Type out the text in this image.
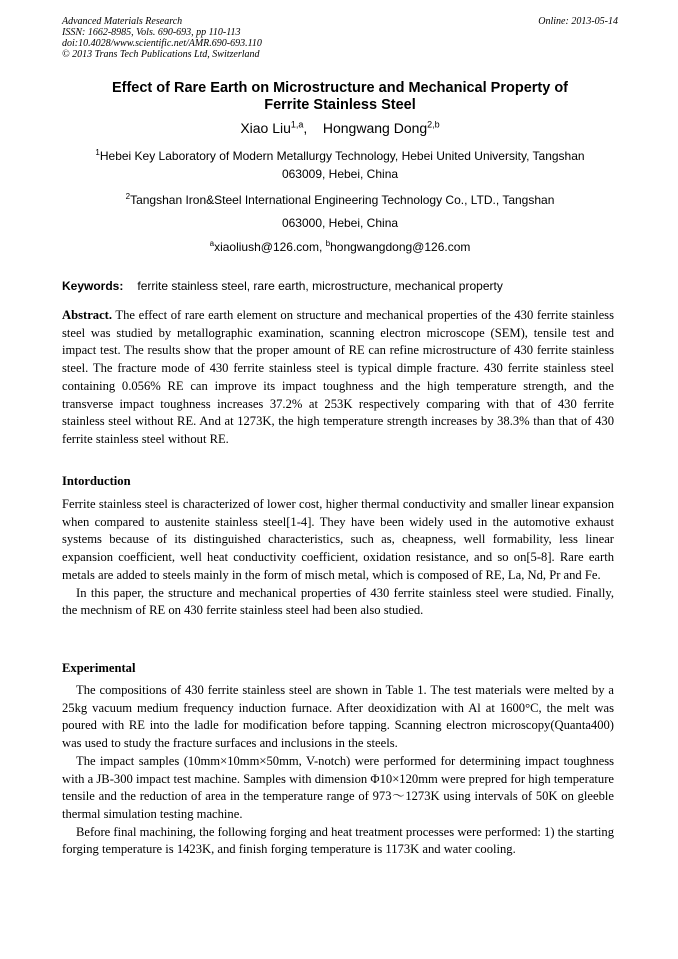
Advanced Materials Research	Online: 2013-05-14
ISSN: 1662-8985, Vols. 690-693, pp 110-113
doi:10.4028/www.scientific.net/AMR.690-693.110
© 2013 Trans Tech Publications Ltd, Switzerland
Effect of Rare Earth on Microstructure and Mechanical Property of
Ferrite Stainless Steel
Xiao Liu$^{1,a}$,    Hongwang Dong$^{2,b}$
$^1$Hebei Key Laboratory of Modern Metallurgy Technology, Hebei United University, Tangshan
063009, Hebei, China
$^2$Tangshan Iron&Steel International Engineering Technology Co., LTD., Tangshan
063000, Hebei, China
$^a$xiaoliush@126.com, $^b$hongwangdong@126.com
Keywords: ferrite stainless steel, rare earth, microstructure, mechanical property
Abstract. The effect of rare earth element on structure and mechanical properties of the 430 ferrite stainless steel was studied by metallographic examination, scanning electron microscope (SEM), tensile test and impact test. The results show that the proper amount of RE can refine microstructure of 430 ferrite stainless steel. The fracture mode of 430 ferrite stainless steel is typical dimple fracture. 430 ferrite stainless steel containing 0.056% RE can improve its impact toughness and the high temperature strength, and the transverse impact toughness increases 37.2% at 253K respectively comparing with that of 430 ferrite stainless steel without RE. And at 1273K, the high temperature strength increases by 38.3% than that of 430 ferrite stainless steel without RE.
Intorduction
Ferrite stainless steel is characterized of lower cost, higher thermal conductivity and smaller linear expansion when compared to austenite stainless steel[1-4]. They have been widely used in the automotive exhaust systems because of its distinguished characteristics, such as, cheapness, well formability, less linear expansion coefficient, well heat conductivity coefficient, oxidation resistance, and so on[5-8]. Rare earth metals are added to steels mainly in the form of misch metal, which is composed of RE, La, Nd, Pr and Fe.
In this paper, the structure and mechanical properties of 430 ferrite stainless steel were studied. Finally, the mechnism of RE on 430 ferrite stainless steel had been also studied.
Experimental
The compositions of 430 ferrite stainless steel are shown in Table 1. The test materials were melted by a 25kg vacuum medium frequency induction furnace. After deoxidization with Al at 1600°C, the melt was poured with RE into the ladle for modification before tapping. Scanning electron microscopy(Quanta400) was used to study the fracture surfaces and inclusions in the steels.
The impact samples (10mm×10mm×50mm, V-notch) were performed for determining impact toughness with a JB-300 impact test machine. Samples with dimension Φ10×120mm were prepred for high temperature tensile and the reduction of area in the temperature range of 973～1273K using intervals of 50K on gleeble thermal simulation testing machine.
Before final machining, the following forging and heat treatment processes were performed: 1) the starting forging temperature is 1423K, and finish forging temperature is 1173K and water cooling.
